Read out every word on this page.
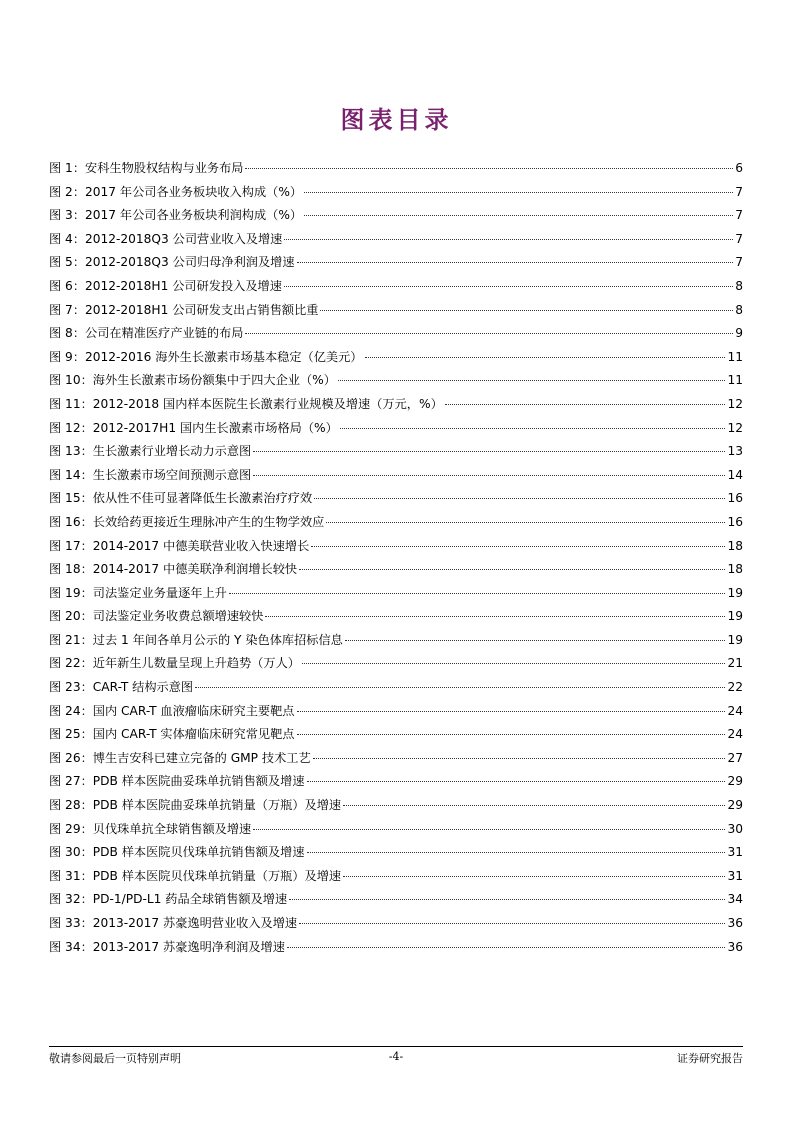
图表目录
图 1：安科生物股权结构与业务布局	6
图 2：2017 年公司各业务板块收入构成（%）	7
图 3：2017 年公司各业务板块利润构成（%）	7
图 4：2012-2018Q3 公司营业收入及增速	7
图 5：2012-2018Q3 公司归母净利润及增速	7
图 6：2012-2018H1 公司研发投入及增速	8
图 7：2012-2018H1 公司研发支出占销售额比重	8
图 8：公司在精准医疗产业链的布局	9
图 9：2012-2016 海外生长激素市场基本稳定（亿美元）	11
图 10：海外生长激素市场份额集中于四大企业（%）	11
图 11：2012-2018 国内样本医院生长激素行业规模及增速（万元，%）	12
图 12：2012-2017H1 国内生长激素市场格局（%）	12
图 13：生长激素行业增长动力示意图	13
图 14：生长激素市场空间预测示意图	14
图 15：依从性不佳可显著降低生长激素治疗疗效	16
图 16：长效给药更接近生理脉冲产生的生物学效应	16
图 17：2014-2017 中德美联营业收入快速增长	18
图 18：2014-2017 中德美联净利润增长较快	18
图 19：司法鉴定业务量逐年上升	19
图 20：司法鉴定业务收费总额增速较快	19
图 21：过去 1 年间各单月公示的 Y 染色体库招标信息	19
图 22：近年新生儿数量呈现上升趋势（万人）	21
图 23：CAR-T 结构示意图	22
图 24：国内 CAR-T 血液瘤临床研究主要靶点	24
图 25：国内 CAR-T 实体瘤临床研究常见靶点	24
图 26：博生吉安科已建立完备的 GMP 技术工艺	27
图 27：PDB 样本医院曲妥珠单抗销售额及增速	29
图 28：PDB 样本医院曲妥珠单抗销量（万瓶）及增速	29
图 29：贝伐珠单抗全球销售额及增速	30
图 30：PDB 样本医院贝伐珠单抗销售额及增速	31
图 31：PDB 样本医院贝伐珠单抗销量（万瓶）及增速	31
图 32：PD-1/PD-L1 药品全球销售额及增速	34
图 33：2013-2017 苏豪逸明营业收入及增速	36
图 34：2013-2017 苏豪逸明净利润及增速	36
敬请参阅最后一页特别声明	-4-	证券研究报告
